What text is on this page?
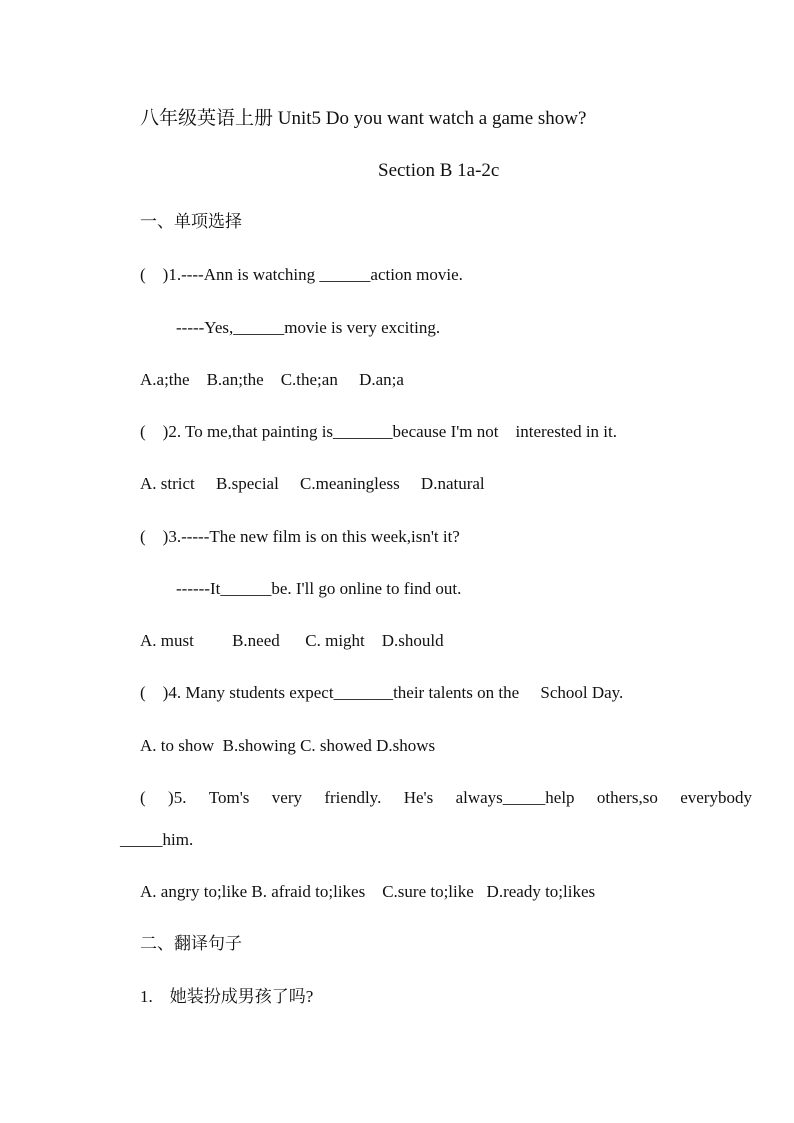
八年级英语上册 Unit5 Do you want watch a game show?
Section B 1a-2c
一、单项选择
(    )1.----Ann is watching ______action movie.
-----Yes,______movie is very exciting.
A.a;the    B.an;the    C.the;an     D.an;a
(    )2. To me,that painting is_______because I'm not    interested in it.
A. strict     B.special     C.meaningless     D.natural
(    )3.-----The new film is on this week,isn't it?
------It______be. I'll go online to find out.
A. must         B.need      C. might    D.should
(    )4. Many students expect_______their talents on the     School Day.
A. to show  B.showing C. showed D.shows
( )5. Tom's very friendly. He's always_____help others,so everybody
_____him.
A. angry to;like B. afraid to;likes    C.sure to;like   D.ready to;likes
二、翻译句子
1.    她装扮成男孩了吗?
